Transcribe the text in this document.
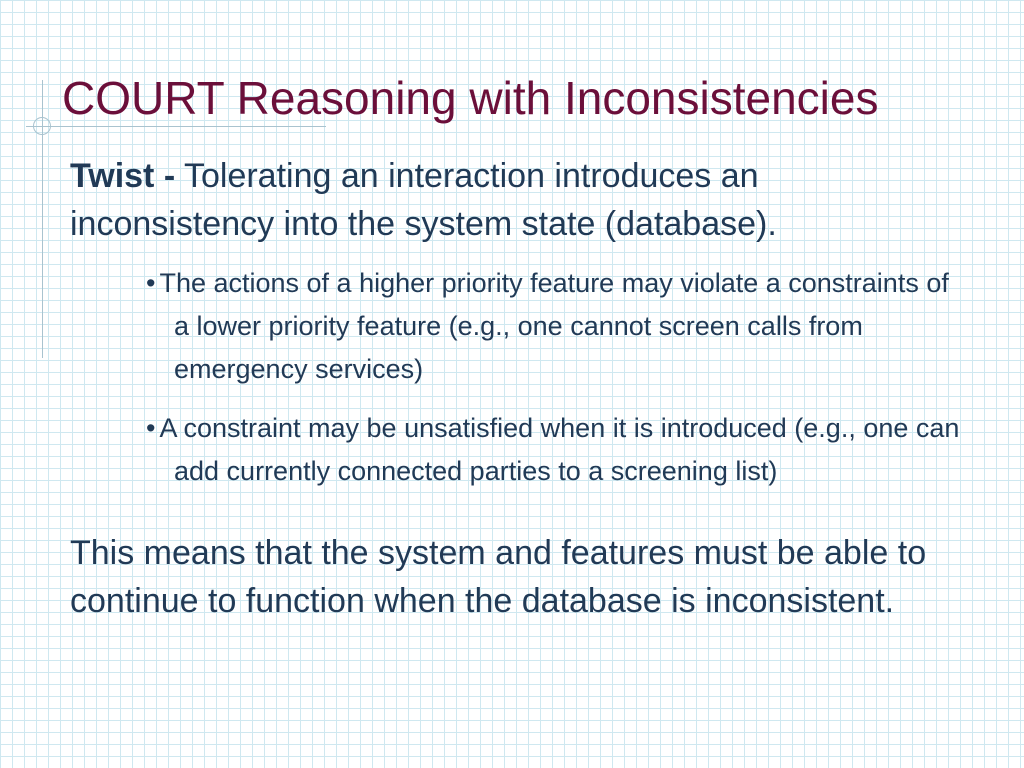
COURT Reasoning with Inconsistencies

Twist - Tolerating an interaction introduces an inconsistency into the system state (database).

• The actions of a higher priority feature may violate a constraints of a lower priority feature (e.g., one cannot screen calls from emergency services)

• A constraint may be unsatisfied when it is introduced (e.g., one can add currently connected parties to a screening list)

This means that the system and features must be able to continue to function when the database is inconsistent.
